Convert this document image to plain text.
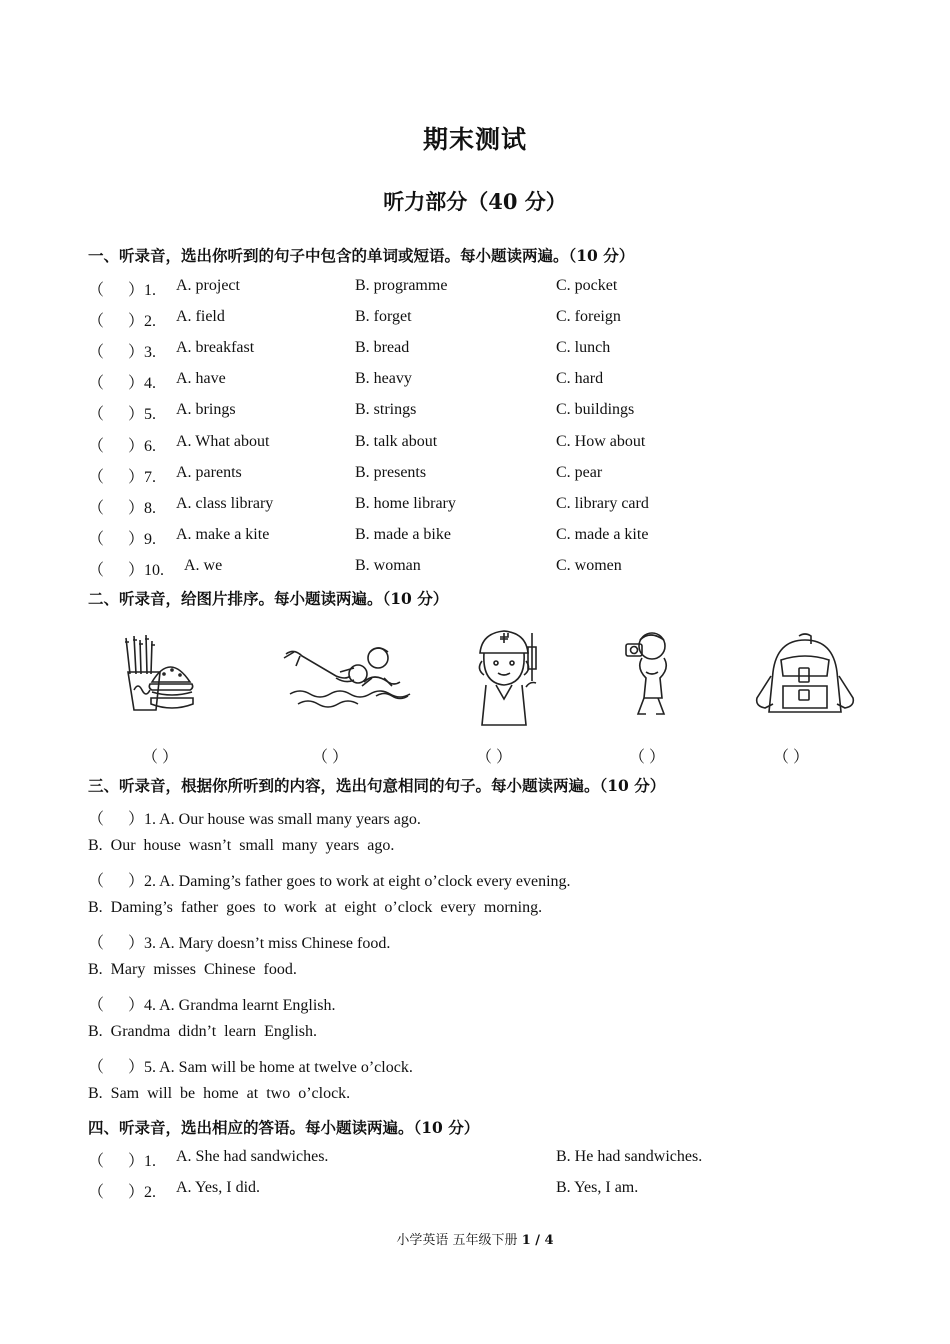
期末测试
听力部分（40 分）
一、听录音，选出你听到的句子中包含的单词或短语。每小题读两遍。（10 分）
（ ）1. A. project	B. programme	C. pocket
（ ）2. A. field	B. forget	C. foreign
（ ）3. A. breakfast	B. bread	C. lunch
（ ）4. A. have	B. heavy	C. hard
（ ）5. A. brings	B. strings	C. buildings
（ ）6. A. What about	B. talk about	C. How about
（ ）7. A. parents	B. presents	C. pear
（ ）8. A. class library	B. home library	C. library card
（ ）9. A. make a kite	B. made a bike	C. made a kite
（ ）10. A. we	B. woman	C. women
二、听录音，给图片排序。每小题读两遍。（10 分）
（ ）	（ ）	（ ）	（ ）	（ ）
三、听录音，根据你所听到的内容，选出句意相同的句子。每小题读两遍。（10 分）
（ ）1. A. Our house was small many years ago.
B. Our house wasn’t small many years ago.
（ ）2. A. Daming’s father goes to work at eight o’clock every evening.
B. Daming’s father goes to work at eight o’clock every morning.
（ ）3. A. Mary doesn’t miss Chinese food.
B. Mary misses Chinese food.
（ ）4. A. Grandma learnt English.
B. Grandma didn’t learn English.
（ ）5. A. Sam will be home at twelve o’clock.
B. Sam will be home at two o’clock.
四、听录音，选出相应的答语。每小题读两遍。（10 分）
（ ）1. A. She had sandwiches.	B. He had sandwiches.
（ ）2. A. Yes, I did.	B. Yes, I am.
小学英语 五年级下册 1 / 4
